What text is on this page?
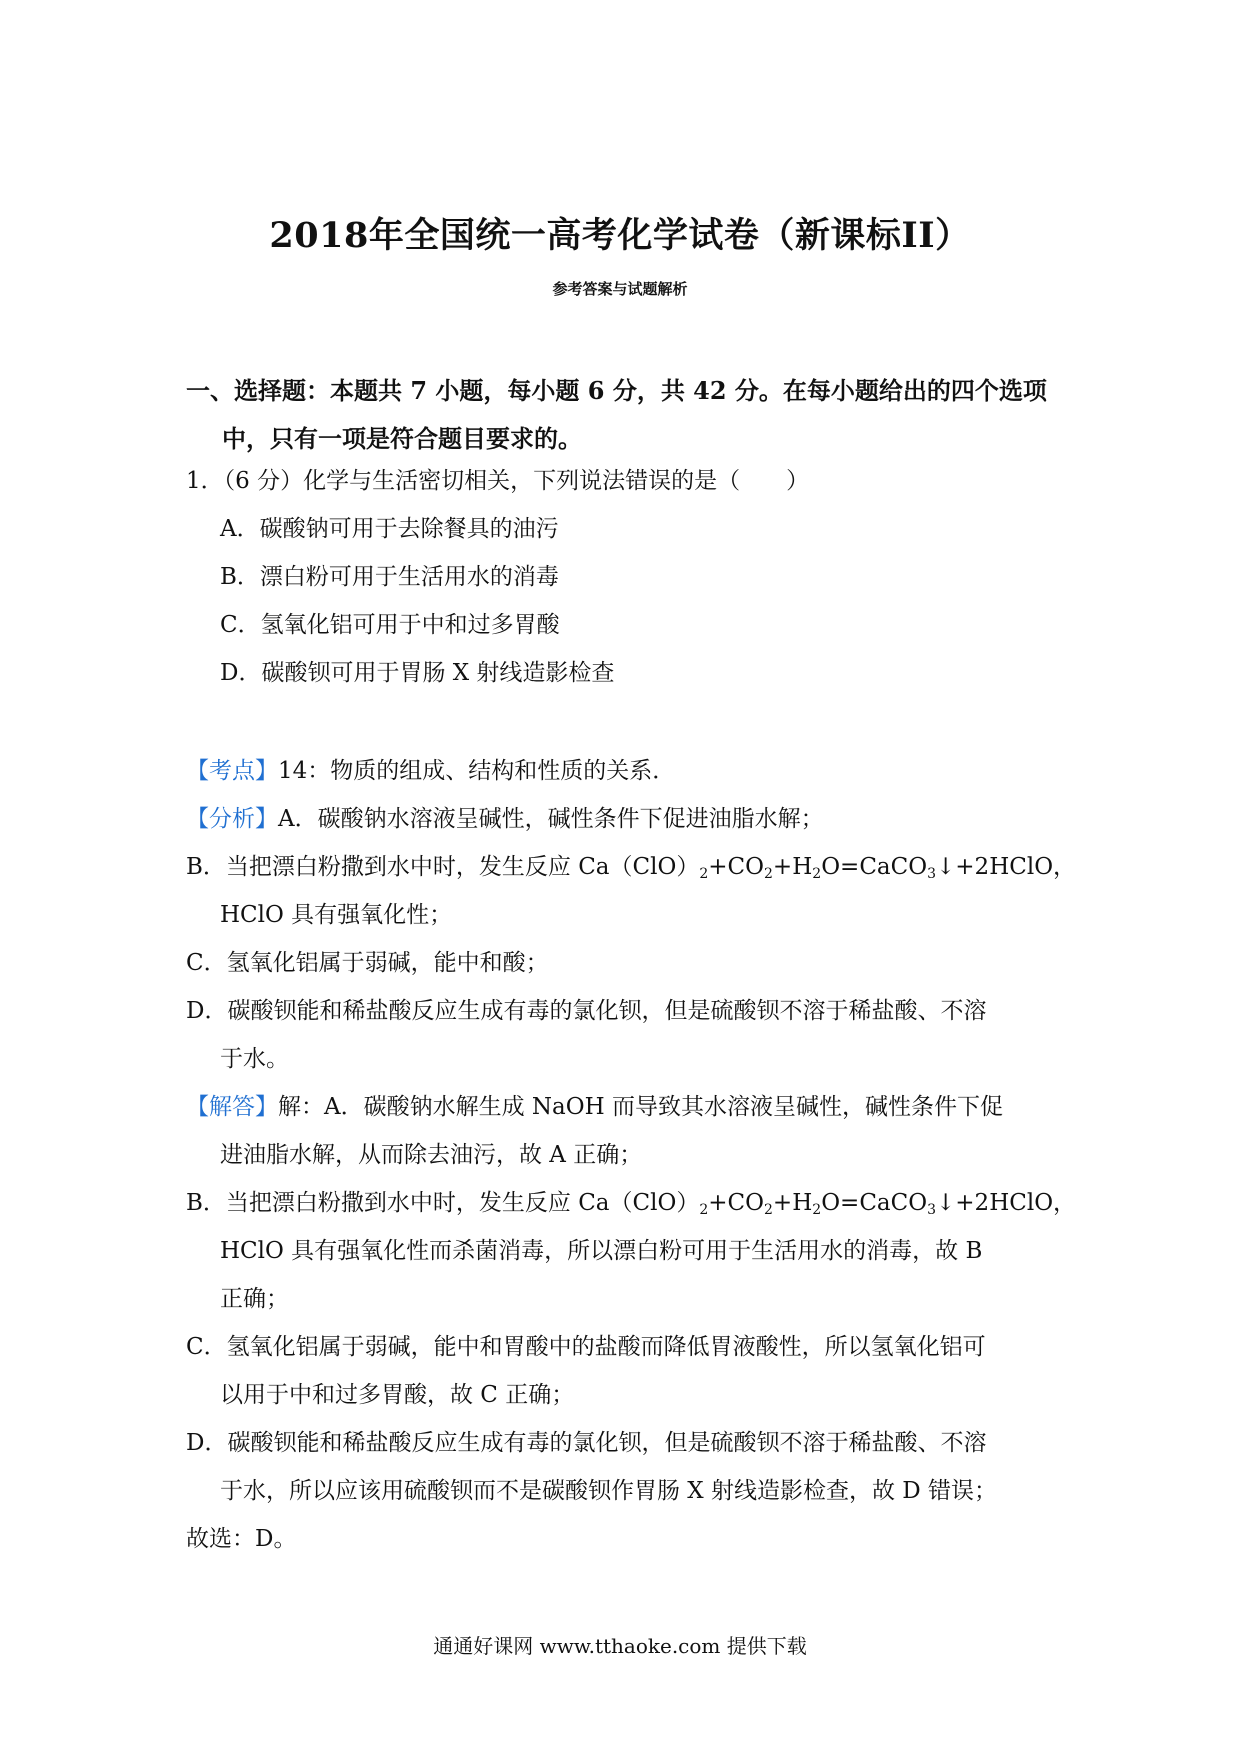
2018年全国统一高考化学试卷（新课标II）
参考答案与试题解析
一、选择题：本题共 7 小题，每小题 6 分，共 42 分。在每小题给出的四个选项
中，只有一项是符合题目要求的。
1．（6 分）化学与生活密切相关，下列说法错误的是（　　）
A．碳酸钠可用于去除餐具的油污
B．漂白粉可用于生活用水的消毒
C．氢氧化铝可用于中和过多胃酸
D．碳酸钡可用于胃肠 X 射线造影检查
【考点】14：物质的组成、结构和性质的关系．
【分析】A．碳酸钠水溶液呈碱性，碱性条件下促进油脂水解；
B．当把漂白粉撒到水中时，发生反应 $Ca(ClO)_2+CO_2+H_2O=CaCO_3↓+2HClO$，
HClO 具有强氧化性；
C．氢氧化铝属于弱碱，能中和酸；
D．碳酸钡能和稀盐酸反应生成有毒的氯化钡，但是硫酸钡不溶于稀盐酸、不溶
于水。
【解答】解：A．碳酸钠水解生成 NaOH 而导致其水溶液呈碱性，碱性条件下促
进油脂水解，从而除去油污，故 A 正确；
B．当把漂白粉撒到水中时，发生反应 $Ca(ClO)_2+CO_2+H_2O=CaCO_3↓+2HClO$，
HClO 具有强氧化性而杀菌消毒，所以漂白粉可用于生活用水的消毒，故 B
正确；
C．氢氧化铝属于弱碱，能中和胃酸中的盐酸而降低胃液酸性，所以氢氧化铝可
以用于中和过多胃酸，故 C 正确；
D．碳酸钡能和稀盐酸反应生成有毒的氯化钡，但是硫酸钡不溶于稀盐酸、不溶
于水，所以应该用硫酸钡而不是碳酸钡作胃肠 X 射线造影检查，故 D 错误；
故选：D。
通通好课网 www.tthaoke.com 提供下载
